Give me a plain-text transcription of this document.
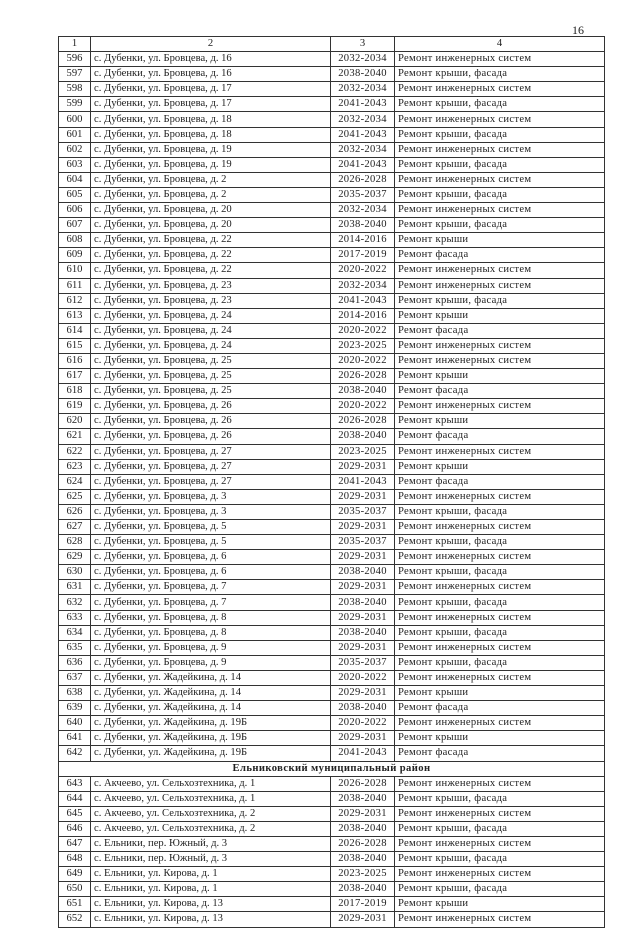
16
1	2	3	4
596	с. Дубенки, ул. Бровцева, д. 16	2032-2034	Ремонт инженерных систем
597	с. Дубенки, ул. Бровцева, д. 16	2038-2040	Ремонт крыши, фасада
598	с. Дубенки, ул. Бровцева, д. 17	2032-2034	Ремонт инженерных систем
599	с. Дубенки, ул. Бровцева, д. 17	2041-2043	Ремонт крыши, фасада
600	с. Дубенки, ул. Бровцева, д. 18	2032-2034	Ремонт инженерных систем
601	с. Дубенки, ул. Бровцева, д. 18	2041-2043	Ремонт крыши, фасада
602	с. Дубенки, ул. Бровцева, д. 19	2032-2034	Ремонт инженерных систем
603	с. Дубенки, ул. Бровцева, д. 19	2041-2043	Ремонт крыши, фасада
604	с. Дубенки, ул. Бровцева, д. 2	2026-2028	Ремонт инженерных систем
605	с. Дубенки, ул. Бровцева, д. 2	2035-2037	Ремонт крыши, фасада
606	с. Дубенки, ул. Бровцева, д. 20	2032-2034	Ремонт инженерных систем
607	с. Дубенки, ул. Бровцева, д. 20	2038-2040	Ремонт крыши, фасада
608	с. Дубенки, ул. Бровцева, д. 22	2014-2016	Ремонт крыши
609	с. Дубенки, ул. Бровцева, д. 22	2017-2019	Ремонт фасада
610	с. Дубенки, ул. Бровцева, д. 22	2020-2022	Ремонт инженерных систем
611	с. Дубенки, ул. Бровцева, д. 23	2032-2034	Ремонт инженерных систем
612	с. Дубенки, ул. Бровцева, д. 23	2041-2043	Ремонт крыши, фасада
613	с. Дубенки, ул. Бровцева, д. 24	2014-2016	Ремонт крыши
614	с. Дубенки, ул. Бровцева, д. 24	2020-2022	Ремонт фасада
615	с. Дубенки, ул. Бровцева, д. 24	2023-2025	Ремонт инженерных систем
616	с. Дубенки, ул. Бровцева, д. 25	2020-2022	Ремонт инженерных систем
617	с. Дубенки, ул. Бровцева, д. 25	2026-2028	Ремонт крыши
618	с. Дубенки, ул. Бровцева, д. 25	2038-2040	Ремонт фасада
619	с. Дубенки, ул. Бровцева, д. 26	2020-2022	Ремонт инженерных систем
620	с. Дубенки, ул. Бровцева, д. 26	2026-2028	Ремонт крыши
621	с. Дубенки, ул. Бровцева, д. 26	2038-2040	Ремонт фасада
622	с. Дубенки, ул. Бровцева, д. 27	2023-2025	Ремонт инженерных систем
623	с. Дубенки, ул. Бровцева, д. 27	2029-2031	Ремонт крыши
624	с. Дубенки, ул. Бровцева, д. 27	2041-2043	Ремонт фасада
625	с. Дубенки, ул. Бровцева, д. 3	2029-2031	Ремонт инженерных систем
626	с. Дубенки, ул. Бровцева, д. 3	2035-2037	Ремонт крыши, фасада
627	с. Дубенки, ул. Бровцева, д. 5	2029-2031	Ремонт инженерных систем
628	с. Дубенки, ул. Бровцева, д. 5	2035-2037	Ремонт крыши, фасада
629	с. Дубенки, ул. Бровцева, д. 6	2029-2031	Ремонт инженерных систем
630	с. Дубенки, ул. Бровцева, д. 6	2038-2040	Ремонт крыши, фасада
631	с. Дубенки, ул. Бровцева, д. 7	2029-2031	Ремонт инженерных систем
632	с. Дубенки, ул. Бровцева, д. 7	2038-2040	Ремонт крыши, фасада
633	с. Дубенки, ул. Бровцева, д. 8	2029-2031	Ремонт инженерных систем
634	с. Дубенки, ул. Бровцева, д. 8	2038-2040	Ремонт крыши, фасада
635	с. Дубенки, ул. Бровцева, д. 9	2029-2031	Ремонт инженерных систем
636	с. Дубенки, ул. Бровцева, д. 9	2035-2037	Ремонт крыши, фасада
637	с. Дубенки, ул. Жадейкина, д. 14	2020-2022	Ремонт инженерных систем
638	с. Дубенки, ул. Жадейкина, д. 14	2029-2031	Ремонт крыши
639	с. Дубенки, ул. Жадейкина, д. 14	2038-2040	Ремонт фасада
640	с. Дубенки, ул. Жадейкина, д. 19Б	2020-2022	Ремонт инженерных систем
641	с. Дубенки, ул. Жадейкина, д. 19Б	2029-2031	Ремонт крыши
642	с. Дубенки, ул. Жадейкина, д. 19Б	2041-2043	Ремонт фасада
Ельниковский муниципальный район			
643	с. Акчеево, ул. Сельхозтехника, д. 1	2026-2028	Ремонт инженерных систем
644	с. Акчеево, ул. Сельхозтехника, д. 1	2038-2040	Ремонт крыши, фасада
645	с. Акчеево, ул. Сельхозтехника, д. 2	2029-2031	Ремонт инженерных систем
646	с. Акчеево, ул. Сельхозтехника, д. 2	2038-2040	Ремонт крыши, фасада
647	с. Ельники, пер. Южный, д. 3	2026-2028	Ремонт инженерных систем
648	с. Ельники, пер. Южный, д. 3	2038-2040	Ремонт крыши, фасада
649	с. Ельники, ул. Кирова, д. 1	2023-2025	Ремонт инженерных систем
650	с. Ельники, ул. Кирова, д. 1	2038-2040	Ремонт крыши, фасада
651	с. Ельники, ул. Кирова, д. 13	2017-2019	Ремонт крыши
652	с. Ельники, ул. Кирова, д. 13	2029-2031	Ремонт инженерных систем
